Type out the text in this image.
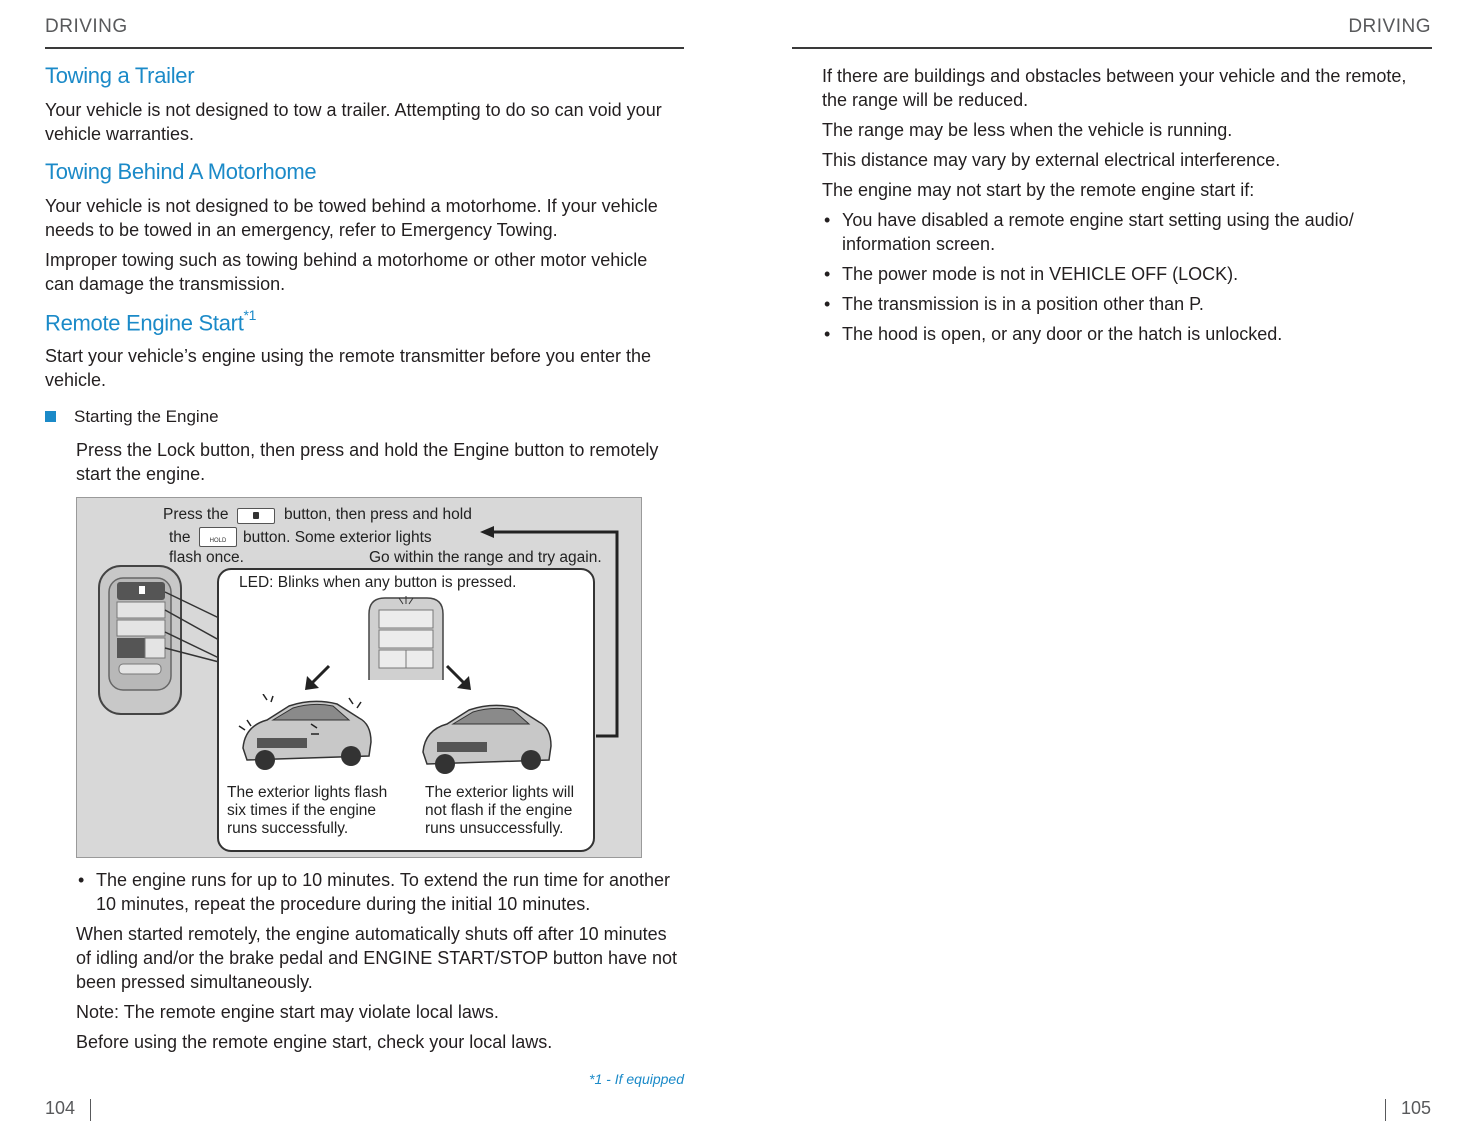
DRIVING
Towing a Trailer
Your vehicle is not designed to tow a trailer. Attempting to do so can void your
vehicle warranties.
Towing Behind A Motorhome
Your vehicle is not designed to be towed behind a motorhome. If your vehicle
needs to be towed in an emergency, refer to Emergency Towing.
Improper towing such as towing behind a motorhome or other motor vehicle
can damage the transmission.
Remote Engine Start$^{*1}$
Start your vehicle’s engine using the remote transmitter before you enter the
vehicle.
Starting the Engine
Press the Lock button, then press and hold the Engine button to remotely
start the engine.
Press the	button, then press and hold
the	HOLD	button. Some exterior lights
flash once.	Go within the range and try again.
LED: Blinks when any button is pressed.
The exterior lights flash
six times if the engine
runs successfully.
The exterior lights will
not flash if the engine
runs unsuccessfully.
• The engine runs for up to 10 minutes. To extend the run time for another
10 minutes, repeat the procedure during the initial 10 minutes.
When started remotely, the engine automatically shuts off after 10 minutes
of idling and/or the brake pedal and ENGINE START/STOP button have not
been pressed simultaneously.
Note: The remote engine start may violate local laws.
Before using the remote engine start, check your local laws.
*1 - If equipped
104
DRIVING
If there are buildings and obstacles between your vehicle and the remote,
the range will be reduced.
The range may be less when the vehicle is running.
This distance may vary by external electrical interference.
The engine may not start by the remote engine start if:
• You have disabled a remote engine start setting using the audio/
information screen.
• The power mode is not in VEHICLE OFF (LOCK).
• The transmission is in a position other than P.
• The hood is open, or any door or the hatch is unlocked.
105
